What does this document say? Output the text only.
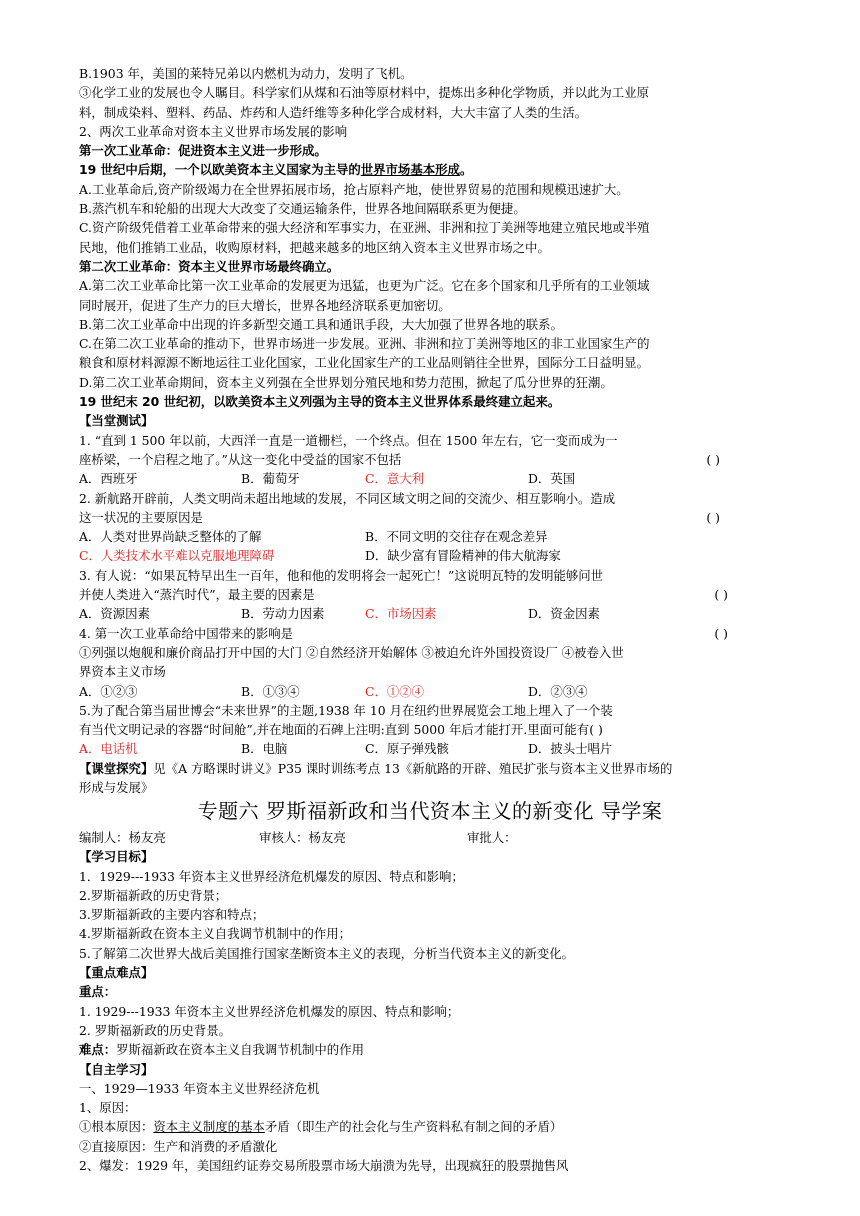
B.1903 年，美国的莱特兄弟以内燃机为动力，发明了飞机。
③化学工业的发展也令人瞩目。科学家们从煤和石油等原材料中，提炼出多种化学物质，并以此为工业原
料，制成染料、塑料、药品、炸药和人造纤维等多种化学合成材料，大大丰富了人类的生活。
2、两次工业革命对资本主义世界市场发展的影响
第一次工业革命：促进资本主义进一步形成。
19 世纪中后期，一个以欧美资本主义国家为主导的世界市场基本形成。
A.工业革命后,资产阶级竭力在全世界拓展市场，抢占原料产地，使世界贸易的范围和规模迅速扩大。
B.蒸汽机车和轮船的出现大大改变了交通运输条件，世界各地间隔联系更为便捷。
C.资产阶级凭借着工业革命带来的强大经济和军事实力，在亚洲、非洲和拉丁美洲等地建立殖民地或半殖
民地，他们推销工业品，收购原材料，把越来越多的地区纳入资本主义世界市场之中。
第二次工业革命：资本主义世界市场最终确立。
A.第二次工业革命比第一次工业革命的发展更为迅猛，也更为广泛。它在多个国家和几乎所有的工业领域
同时展开，促进了生产力的巨大增长，世界各地经济联系更加密切。
B.第二次工业革命中出现的许多新型交通工具和通讯手段，大大加强了世界各地的联系。
C.在第二次工业革命的推动下，世界市场进一步发展。亚洲、非洲和拉丁美洲等地区的非工业国家生产的
粮食和原材料源源不断地运往工业化国家，工业化国家生产的工业品则销往全世界，国际分工日益明显。
D.第二次工业革命期间，资本主义列强在全世界划分殖民地和势力范围，掀起了瓜分世界的狂潮。
19 世纪末 20 世纪初，以欧美资本主义列强为主导的资本主义世界体系最终建立起来。
【当堂测试】
1. “直到 1 500 年以前，大西洋一直是一道栅栏，一个终点。但在 1500 年左右，它一变而成为一
座桥梁，一个启程之地了。”从这一变化中受益的国家不包括	( )
A．西班牙	B．葡萄牙	C．意大利	D．英国
2. 新航路开辟前，人类文明尚未超出地域的发展，不同区域文明之间的交流少、相互影响小。造成
这一状况的主要原因是	( )
A．人类对世界尚缺乏整体的了解	B．不同文明的交往存在观念差异
C．人类技术水平难以克服地理障碍	D．缺少富有冒险精神的伟大航海家
3. 有人说：“如果瓦特早出生一百年，他和他的发明将会一起死亡！”这说明瓦特的发明能够问世
并使人类进入“蒸汽时代”，最主要的因素是	( )
A．资源因素	B．劳动力因素	C．市场因素	D．资金因素
4. 第一次工业革命给中国带来的影响是	( )
①列强以炮舰和廉价商品打开中国的大门 ②自然经济开始解体 ③被迫允许外国投资设厂 ④被卷入世
界资本主义市场
A．①②③	B．①③④	C．①②④	D．②③④
5.为了配合第当届世博会“未来世界”的主题,1938 年 10 月在纽约世界展览会工地上埋入了一个装
有当代文明记录的容器“时间舱”,并在地面的石碑上注明:直到 5000 年后才能打开.里面可能有( )
A．电话机	B．电脑	C．原子弹残骸	D．披头士唱片
【课堂探究】见《A 方略课时讲义》P35 课时训练考点 13《新航路的开辟、殖民扩张与资本主义世界市场的
形成与发展》
专题六 罗斯福新政和当代资本主义的新变化 导学案
编制人：杨友亮	审核人：杨友亮	审批人：
【学习目标】
1．1929---1933 年资本主义世界经济危机爆发的原因、特点和影响；
2.罗斯福新政的历史背景；
3.罗斯福新政的主要内容和特点；
4.罗斯福新政在资本主义自我调节机制中的作用；
5.了解第二次世界大战后美国推行国家垄断资本主义的表现，分析当代资本主义的新变化。
【重点难点】
重点：
1. 1929---1933 年资本主义世界经济危机爆发的原因、特点和影响；
2. 罗斯福新政的历史背景。
难点：罗斯福新政在资本主义自我调节机制中的作用
【自主学习】
一、1929—1933 年资本主义世界经济危机
1、原因：
①根本原因：资本主义制度的基本矛盾（即生产的社会化与生产资料私有制之间的矛盾）
②直接原因：生产和消费的矛盾激化
2、爆发：1929 年，美国纽约证券交易所股票市场大崩溃为先导，出现疯狂的股票抛售风
